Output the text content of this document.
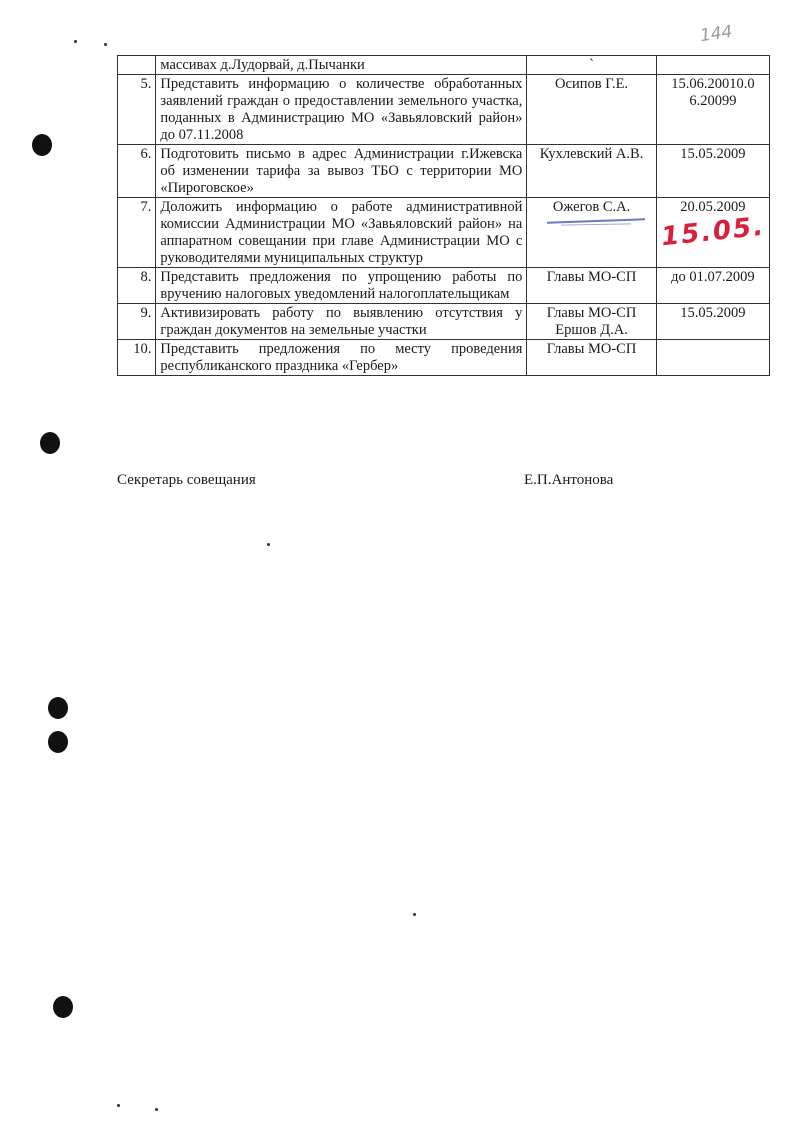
144
	массивах д.Лудорвай, д.Пычанки	`	
5.	Представить информацию о количестве обработанных заявлений граждан о предоставлении земельного участка, поданных в Администрацию МО «Завьяловский район» до 07.11.2008	Осипов Г.Е.	15.06.20010.0 6.20099
6.	Подготовить письмо в адрес Администрации г.Ижевска об изменении тарифа за вывоз ТБО с территории МО «Пироговское»	Кухлевский А.В.	15.05.2009
7.	Доложить информацию о работе административной комиссии Администрации МО «Завьяловский район» на аппаратном совещании при главе Администрации МО с руководителями муниципальных структур	Ожегов С.А.	20.05.2009
15.05.

8.	Представить предложения по упрощению работы по вручению налоговых уведомлений налогоплательщикам	Главы МО-СП	до 01.07.2009
9.	Активизировать работу по выявлению отсутствия у граждан документов на земельные участки	Главы МО-СП Ершов Д.А.	15.05.2009
10.	Представить предложения по месту проведения республиканского праздника «Гербер»	Главы МО-СП	
Секретарь совещания	Е.П.Антонова
